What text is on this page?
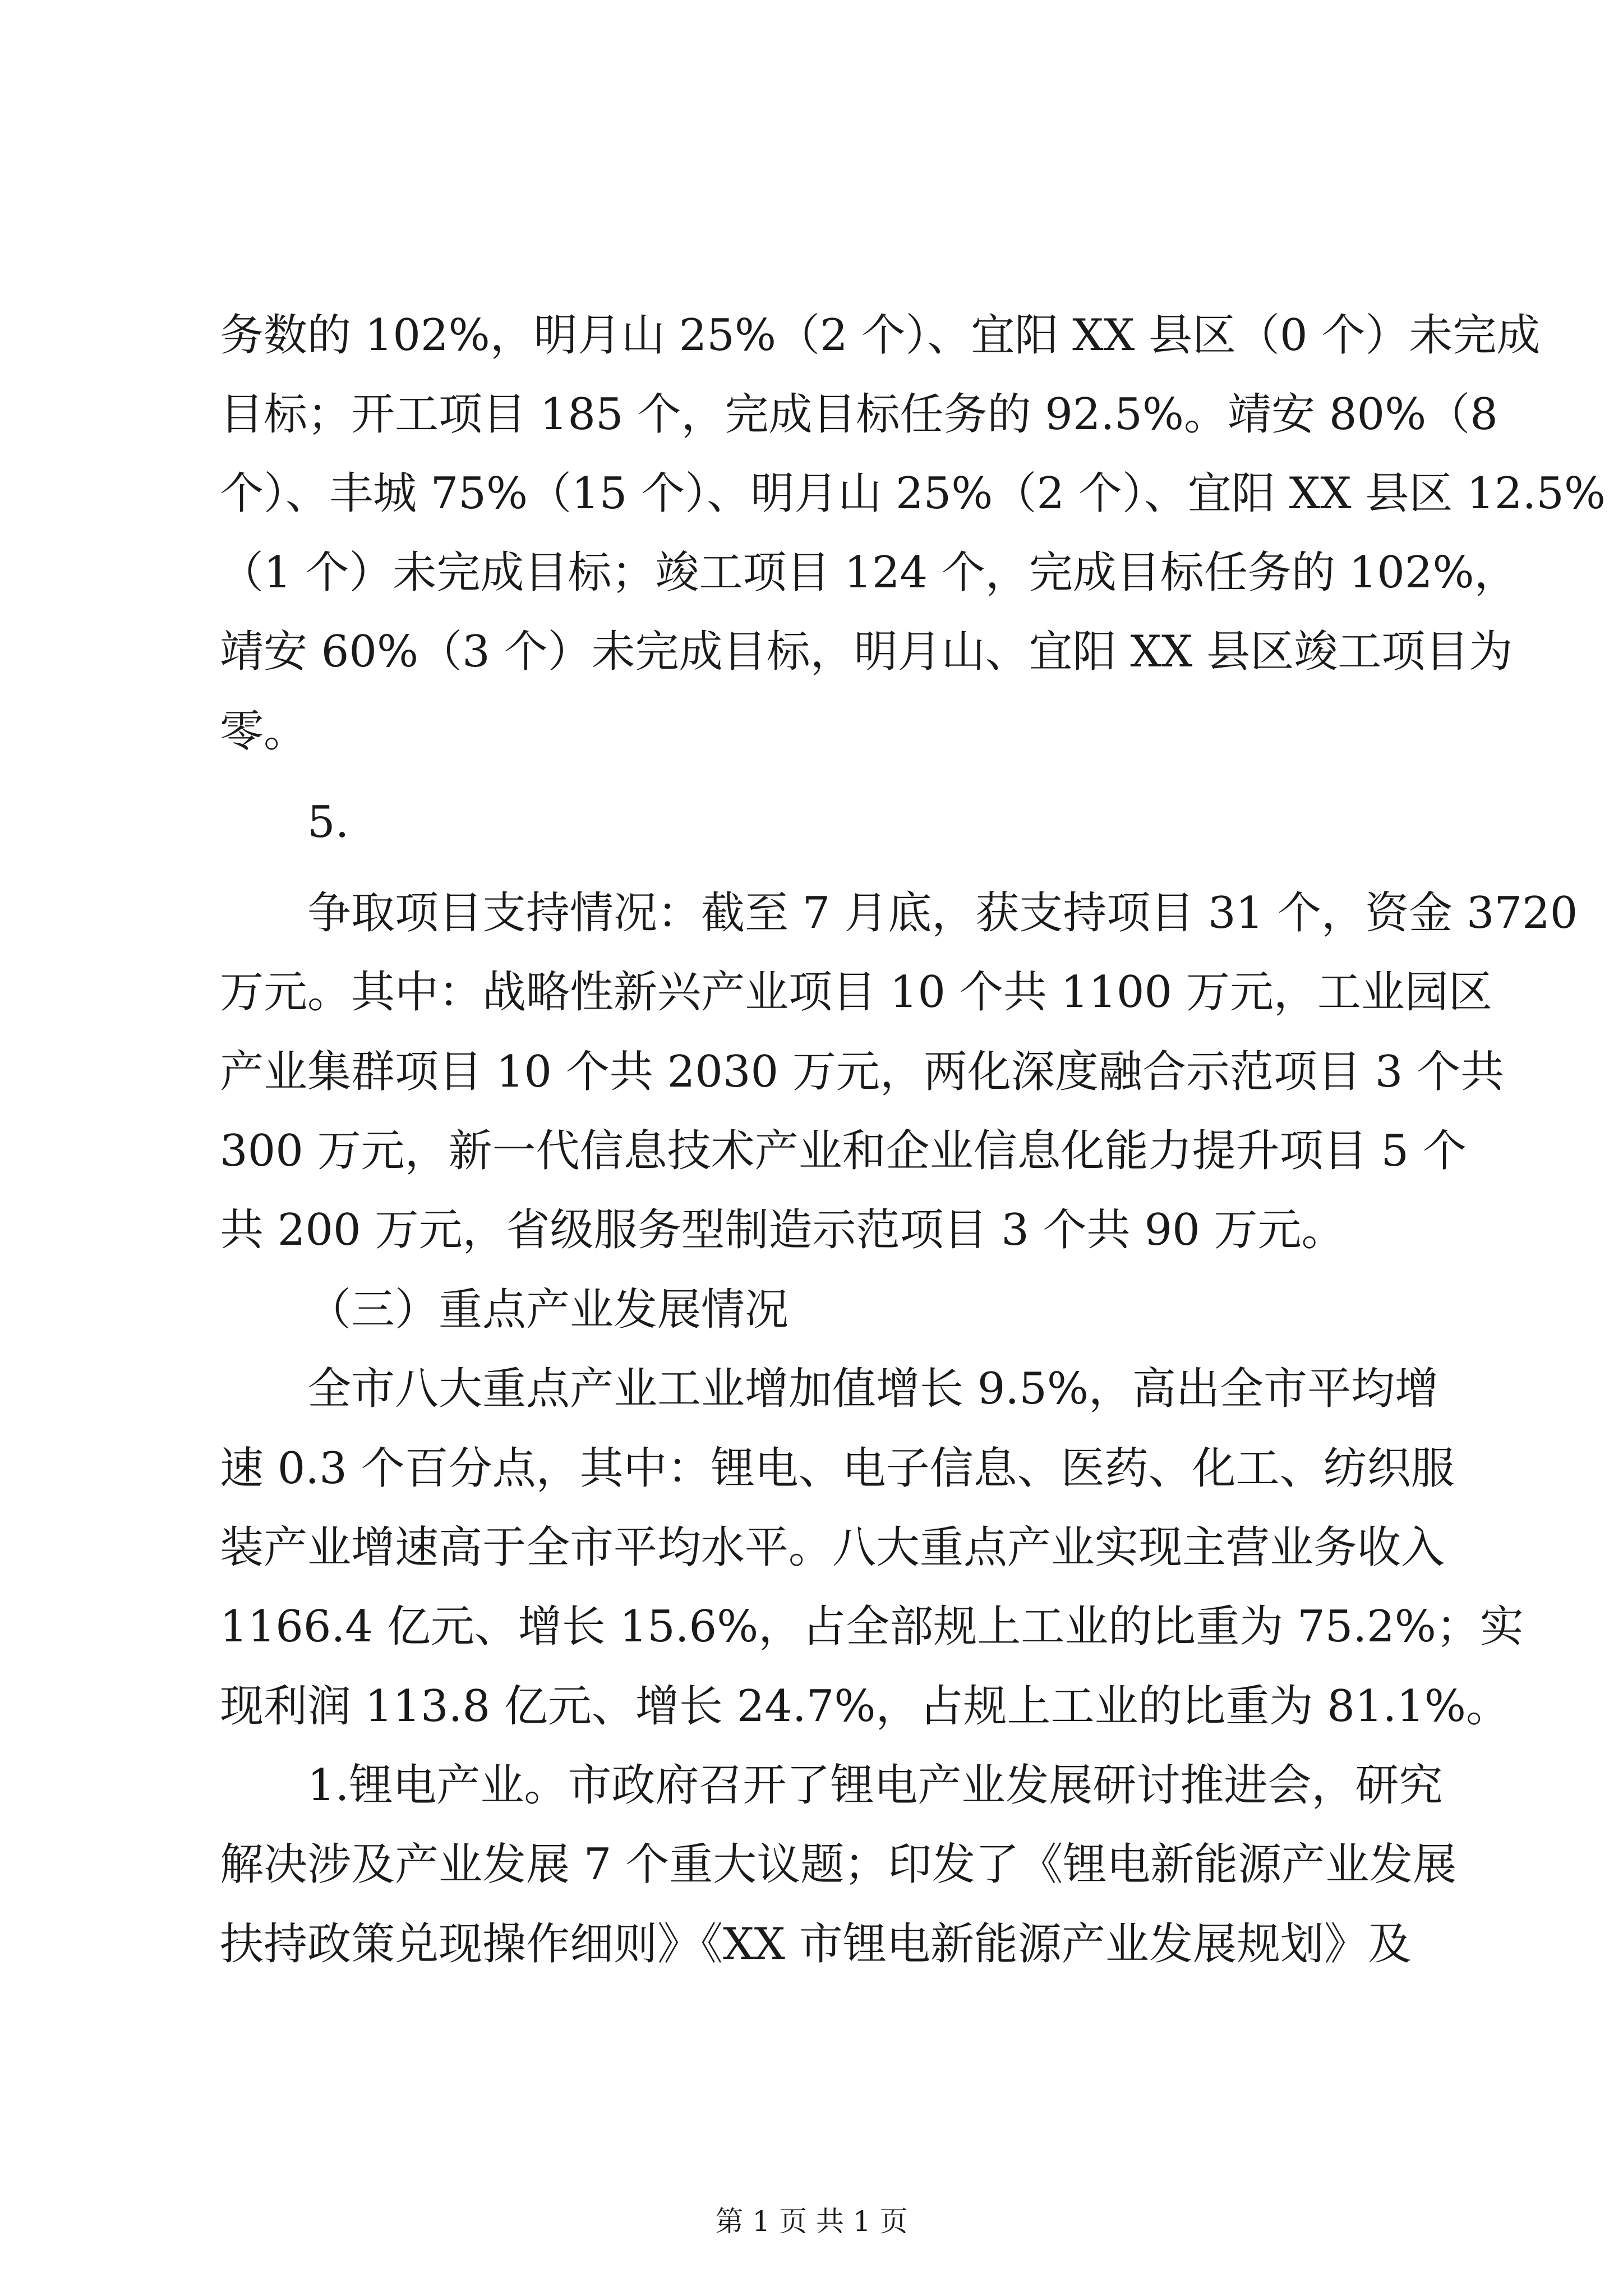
务数的 102%，明月山 25%（2 个）、宜阳 XX 县区（0 个）未完成
目标；开工项目 185 个，完成目标任务的 92.5%。靖安 80%（8
个）、丰城 75%（15 个）、明月山 25%（2 个）、宜阳 XX 县区 12.5%
（1 个）未完成目标；竣工项目 124 个，完成目标任务的 102%，
靖安 60%（3 个）未完成目标，明月山、宜阳 XX 县区竣工项目为
零。
5.
争取项目支持情况：截至 7 月底，获支持项目 31 个，资金 3720
万元。其中：战略性新兴产业项目 10 个共 1100 万元，工业园区
产业集群项目 10 个共 2030 万元，两化深度融合示范项目 3 个共
300 万元，新一代信息技术产业和企业信息化能力提升项目 5 个
共 200 万元，省级服务型制造示范项目 3 个共 90 万元。
（三）重点产业发展情况
全市八大重点产业工业增加值增长 9.5%，高出全市平均增
速 0.3 个百分点，其中：锂电、电子信息、医药、化工、纺织服
装产业增速高于全市平均水平。八大重点产业实现主营业务收入
1166.4 亿元、增长 15.6%，占全部规上工业的比重为 75.2%；实
现利润 113.8 亿元、增长 24.7%，占规上工业的比重为 81.1%。
1.锂电产业。市政府召开了锂电产业发展研讨推进会，研究
解决涉及产业发展 7 个重大议题；印发了《锂电新能源产业发展
扶持政策兑现操作细则》《XX 市锂电新能源产业发展规划》及
第 1 页 共 1 页
